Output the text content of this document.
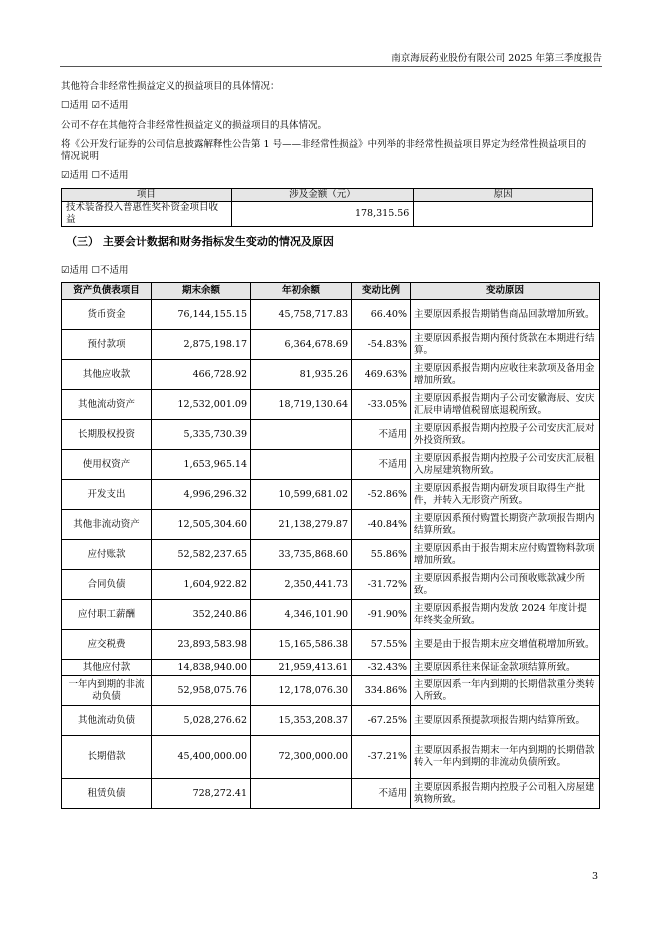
南京海辰药业股份有限公司 2025 年第三季度报告
其他符合非经常性损益定义的损益项目的具体情况：
☐适用 ☑不适用
公司不存在其他符合非经常性损益定义的损益项目的具体情况。
将《公开发行证券的公司信息披露解释性公告第 1 号——非经常性损益》中列举的非经常性损益项目界定为经常性损益项目的情况说明
☑适用 ☐不适用
项目	涉及金额（元）	原因
技术装备投入普惠性奖补资金项目收益	178,315.56	
（三） 主要会计数据和财务指标发生变动的情况及原因
☑适用 ☐不适用
资产负债表项目	期末余额	年初余额	变动比例	变动原因
货币资金	76,144,155.15	45,758,717.83	66.40%	主要原因系报告期销售商品回款增加所致。
预付款项	2,875,198.17	6,364,678.69	-54.83%	主要原因系报告期内预付货款在本期进行结算。
其他应收款	466,728.92	81,935.26	469.63%	主要原因系报告期内应收往来款项及备用金增加所致。
其他流动资产	12,532,001.09	18,719,130.64	-33.05%	主要原因系报告期内子公司安徽海辰、安庆汇辰申请增值税留底退税所致。
长期股权投资	5,335,730.39		不适用	主要原因系报告期内控股子公司安庆汇辰对外投资所致。
使用权资产	1,653,965.14		不适用	主要原因系报告期内控股子公司安庆汇辰租入房屋建筑物所致。
开发支出	4,996,296.32	10,599,681.02	-52.86%	主要原因系报告期内研发项目取得生产批件，并转入无形资产所致。
其他非流动资产	12,505,304.60	21,138,279.87	-40.84%	主要原因系预付购置长期资产款项报告期内结算所致。
应付账款	52,582,237.65	33,735,868.60	55.86%	主要原因系由于报告期末应付购置物料款项增加所致。
合同负债	1,604,922.82	2,350,441.73	-31.72%	主要原因系报告期内公司预收账款减少所致。
应付职工薪酬	352,240.86	4,346,101.90	-91.90%	主要原因系报告期内发放 2024 年度计提年终奖金所致。
应交税费	23,893,583.98	15,165,586.38	57.55%	主要是由于报告期末应交增值税增加所致。
其他应付款	14,838,940.00	21,959,413.61	-32.43%	主要原因系往来保证金款项结算所致。
一年内到期的非流动负债	52,958,075.76	12,178,076.30	334.86%	主要原因系一年内到期的长期借款重分类转入所致。
其他流动负债	5,028,276.62	15,353,208.37	-67.25%	主要原因系预提款项报告期内结算所致。
长期借款	45,400,000.00	72,300,000.00	-37.21%	主要原因系报告期末一年内到期的长期借款转入一年内到期的非流动负债所致。
租赁负债	728,272.41		不适用	主要原因系报告期内控股子公司租入房屋建筑物所致。
3
